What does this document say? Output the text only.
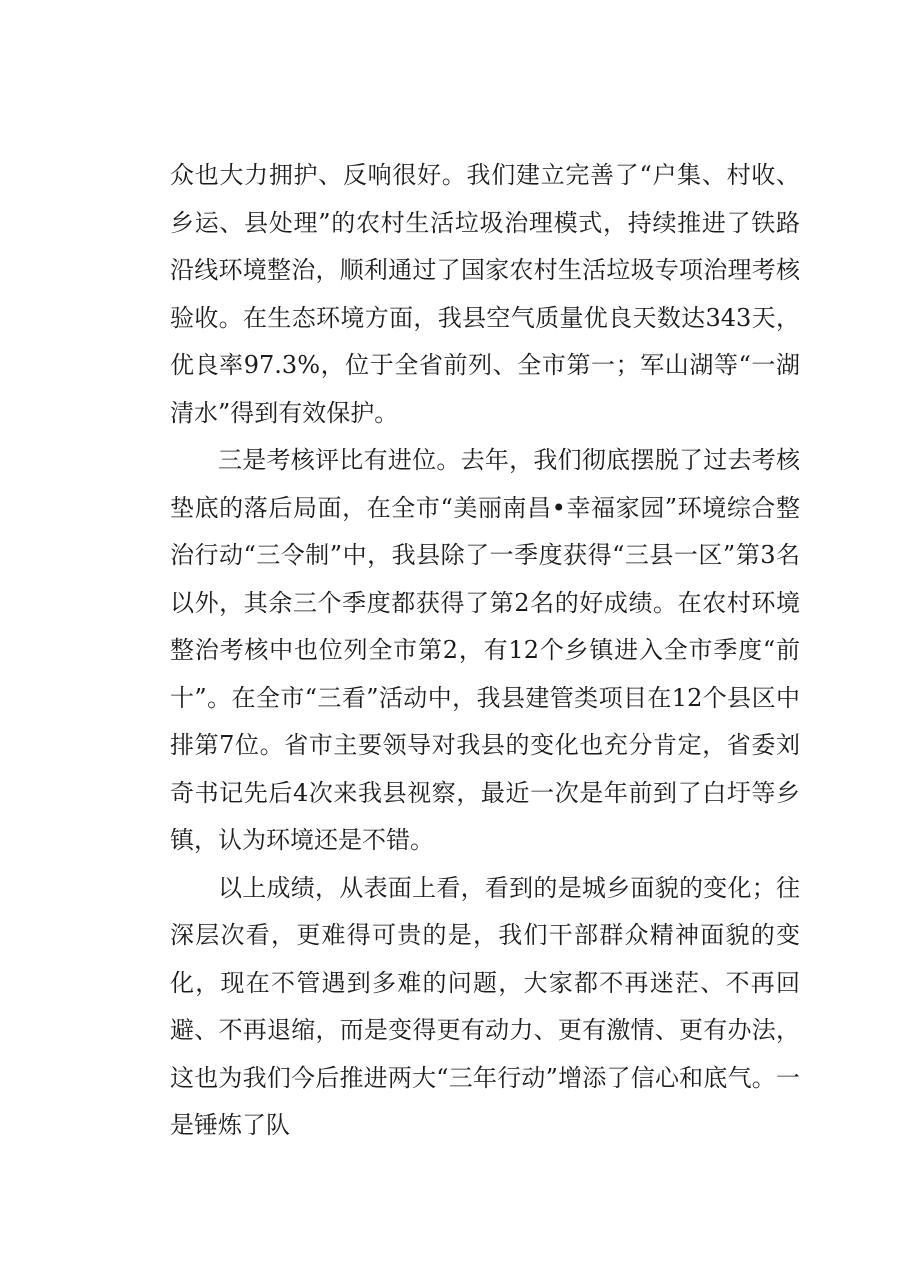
众也大力拥护、反响很好。我们建立完善了“户集、村收、乡运、县处理”的农村生活垃圾治理模式，持续推进了铁路沿线环境整治，顺利通过了国家农村生活垃圾专项治理考核验收。在生态环境方面，我县空气质量优良天数达343天，优良率97.3%，位于全省前列、全市第一；军山湖等“一湖清水”得到有效保护。

三是考核评比有进位。去年，我们彻底摆脱了过去考核垫底的落后局面，在全市“美丽南昌•幸福家园”环境综合整治行动“三令制”中，我县除了一季度获得“三县一区”第3名以外，其余三个季度都获得了第2名的好成绩。在农村环境整治考核中也位列全市第2，有12个乡镇进入全市季度“前十”。在全市“三看”活动中，我县建管类项目在12个县区中排第7位。省市主要领导对我县的变化也充分肯定，省委刘奇书记先后4次来我县视察，最近一次是年前到了白圩等乡镇，认为环境还是不错。

以上成绩，从表面上看，看到的是城乡面貌的变化；往深层次看，更难得可贵的是，我们干部群众精神面貌的变化，现在不管遇到多难的问题，大家都不再迷茫、不再回避、不再退缩，而是变得更有动力、更有激情、更有办法，这也为我们今后推进两大“三年行动”增添了信心和底气。一是锤炼了队
